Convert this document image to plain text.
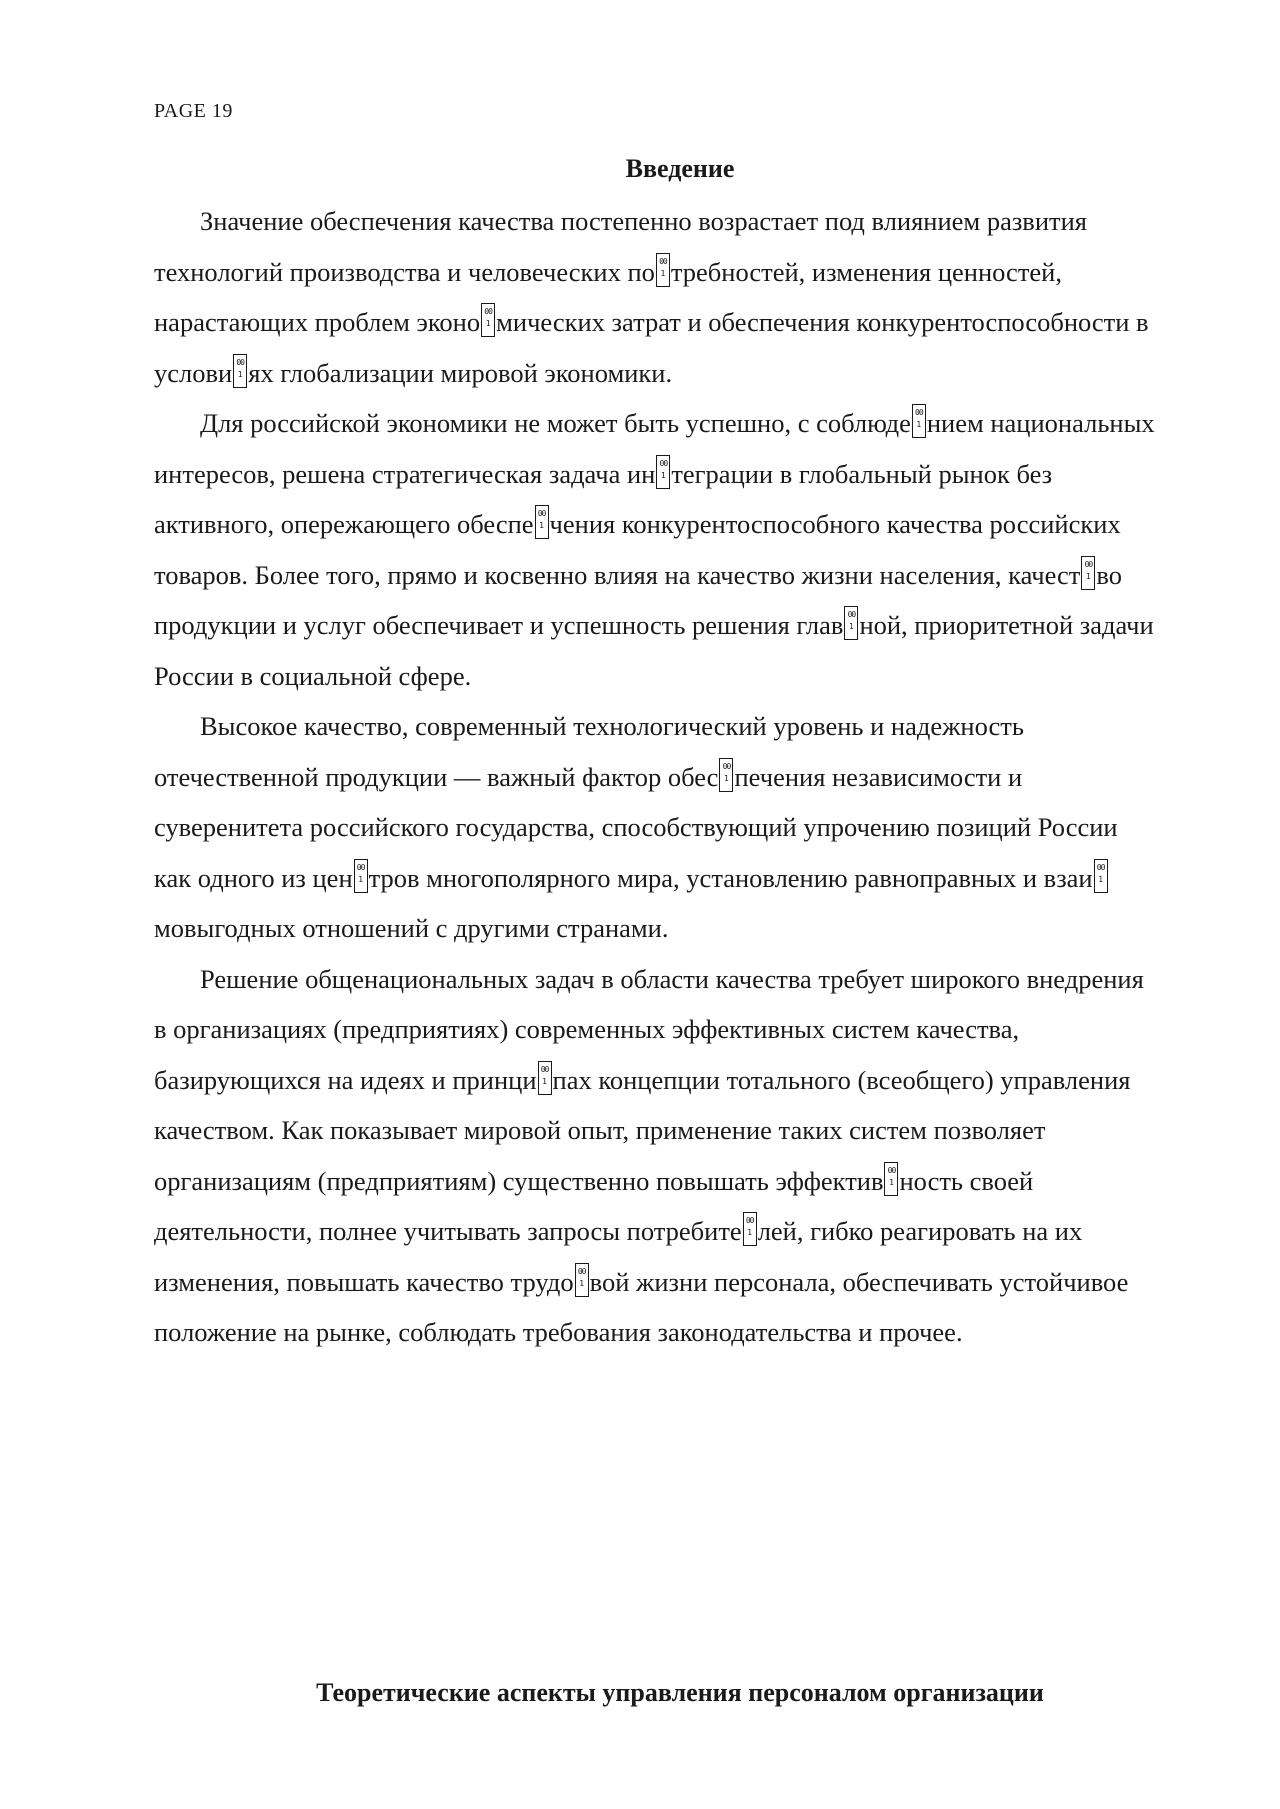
PAGE 19
Введение

Значение обеспечения качества постепенно возрастает под влиянием развития технологий производства и человеческих по 00 1 требностей, изменения ценностей, нарастающих проблем эконо 00 1 мических затрат и обеспечения конкурентоспособности в услови 00 1 ях глобализации мировой экономики.

Для российской экономики не может быть успешно, с соблюде 00 1 нием национальных интересов, решена стратегическая задача ин 00 1 теграции в глобальный рынок без активного, опережающего обеспе 00 1 чения конкурентоспособного качества российских товаров. Более того, прямо и косвенно влияя на качество жизни населения, качест 00 1 во продукции и услуг обеспечивает и успешность решения глав 00 1 ной, приоритетной задачи России в социальной сфере.

Высокое качество, современный технологический уровень и надежность отечественной продукции — важный фактор обес 00 1 печения независимости и суверенитета российского государства, способствующий упрочению позиций России как одного из цен 00 1 тров многополярного мира, установлению равноправных и взаи00 1мовыгодных отношений с другими странами.

Решение общенациональных задач в области качества требует широкого внедрения в организациях (предприятиях) современных эффективных систем качества, базирующихся на идеях и принци 00 1 пах концепции тотального (всеобщего) управления качеством. Как показывает мировой опыт, применение таких систем позволяет организациям (предприятиям) существенно повышать эффектив 00 1 ность своей деятельности, полнее учитывать запросы потребите 00 1 лей, гибко реагировать на их изменения, повышать качество трудо 00 1 вой жизни персонала, обеспечивать устойчивое положение на рынке, соблюдать требования законодательства и прочее.

Теоретические аспекты управления персоналом организации
